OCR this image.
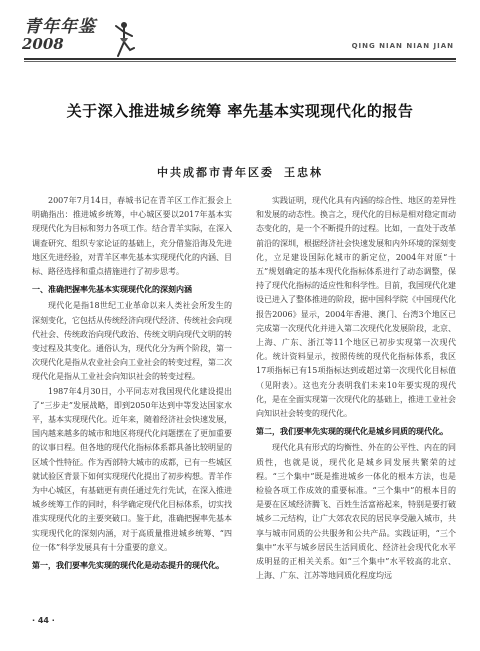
青年年鉴
2008	QING NIAN NIAN JIAN
关于深入推进城乡统筹 率先基本实现现代化的报告
中共成都市青年区委 王忠林

2007年7月14日，春城书记在青羊区工作汇报会上明确指出：推进城乡统筹，中心城区要以2017年基本实现现代化为目标和努力各项工作。结合青羊实际，在深入调查研究、组织专家论证的基础上，充分借鉴沿海及先进地区先进经验，对青羊区率先基本实现现代化的内涵、目标、路径选择和重点措施进行了初步思考。

一、准确把握率先基本实现现代化的深刻内涵

现代化是指18世纪工业革命以来人类社会所发生的深刻变化，它包括从传统经济向现代经济、传统社会向现代社会、传统政治向现代政治、传统文明向现代文明的转变过程及其变化。通俗认为，现代化分为两个阶段，第一次现代化是指从农业社会向工业社会的转变过程，第二次现代化是指从工业社会向知识社会的转变过程。

1987年4月30日，小平同志对我国现代化建设提出了“三步走”发展战略，即到2050年达到中等发达国家水平，基本实现现代化。近年来，随着经济社会快速发展，国内越来越多的城市和地区将现代化问题摆在了更加重要的议事日程。但各地的现代化指标体系都具备比较明显的区域个性特征。作为西部特大城市的成都，已有一些城区就试验区背景下如何实现现代化提出了初步构想。青羊作为中心城区，有基础更有责任通过先行先试，在深入推进城乡统筹工作的同时，科学确定现代化目标体系，切实找准实现现代化的主要突破口。鉴于此，准确把握率先基本实现现代化的深刻内涵，对于高质量推进城乡统筹、“四位一体”科学发展具有十分重要的意义。

第一，我们要率先实现的现代化是动态提升的现代化。

实践证明，现代化具有内涵的综合性、地区的差异性和发展的动态性。换言之，现代化的目标是相对稳定而动态变化的，是一个不断提升的过程。比如，一直处于改革前沿的深圳，根据经济社会快速发展和内外环境的深刻变化，立足建设国际化城市的新定位，2004年对原“十五”规划确定的基本现代化指标体系进行了动态调整，保持了现代化指标的适应性和科学性。目前，我国现代化建设已进入了整体推进的阶段，据中国科学院《中国现代化报告2006》显示，2004年香港、澳门、台湾3个地区已完成第一次现代化并进入第二次现代化发展阶段，北京、上海、广东、浙江等11个地区已初步实现第一次现代化。统计资料显示，按照传统的现代化指标体系，我区17项指标已有15项指标达到或超过第一次现代化目标值（见附表）。这也充分表明我们未来10年要实现的现代化，是在全面实现第一次现代化的基础上，推进工业社会向知识社会转变的现代化。

第二，我们要率先实现的现代化是城乡同质的现代化。

现代化具有形式的均衡性、外在的公平性、内在的同质性，也就是说，现代化是城乡同发展共繁荣的过程。“三个集中”既是推进城乡一体化的根本方法，也是检验各项工作成效的重要标准。“三个集中”的根本目的是要在区域经济腾飞、百姓生活富裕起来，特别是要打破城乡二元结构，让广大郊农农民的居民享受融入城市，共享与城市同质的公共服务和公共产品。实践证明，“三个集中”水平与城乡居民生活同质化、经济社会现代化水平成明显的正相关关系。如“三个集中”水平较高的北京、上海、广东、江苏等地同质化程度均远

· 44 ·
